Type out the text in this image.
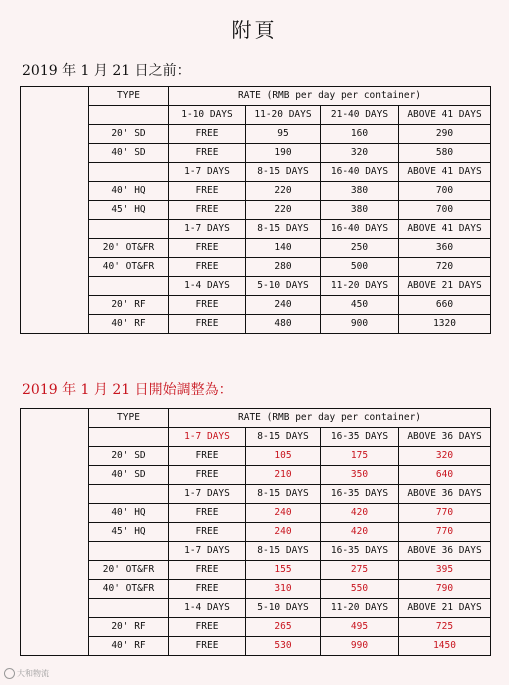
附頁
2019 年 1 月 21 日之前：
	TYPE	RATE (RMB per day per container)			
		1-10 DAYS	11-20 DAYS	21-40 DAYS	ABOVE 41 DAYS
	20' SD	FREE	95	160	290
	40' SD	FREE	190	320	580
		1-7 DAYS	8-15 DAYS	16-40 DAYS	ABOVE 41 DAYS
	40' HQ	FREE	220	380	700
	45' HQ	FREE	220	380	700
		1-7 DAYS	8-15 DAYS	16-40 DAYS	ABOVE 41 DAYS
	20' OT&FR	FREE	140	250	360
	40' OT&FR	FREE	280	500	720
		1-4 DAYS	5-10 DAYS	11-20 DAYS	ABOVE 21 DAYS
	20' RF	FREE	240	450	660
	40' RF	FREE	480	900	1320
2019 年 1 月 21 日開始調整為：
	TYPE	RATE (RMB per day per container)			
		1-7 DAYS	8-15 DAYS	16-35 DAYS	ABOVE 36 DAYS
	20' SD	FREE	105	175	320
	40' SD	FREE	210	350	640
		1-7 DAYS	8-15 DAYS	16-35 DAYS	ABOVE 36 DAYS
	40' HQ	FREE	240	420	770
	45' HQ	FREE	240	420	770
		1-7 DAYS	8-15 DAYS	16-35 DAYS	ABOVE 36 DAYS
	20' OT&FR	FREE	155	275	395
	40' OT&FR	FREE	310	550	790
		1-4 DAYS	5-10 DAYS	11-20 DAYS	ABOVE 21 DAYS
	20' RF	FREE	265	495	725
	40' RF	FREE	530	990	1450
大和物流
